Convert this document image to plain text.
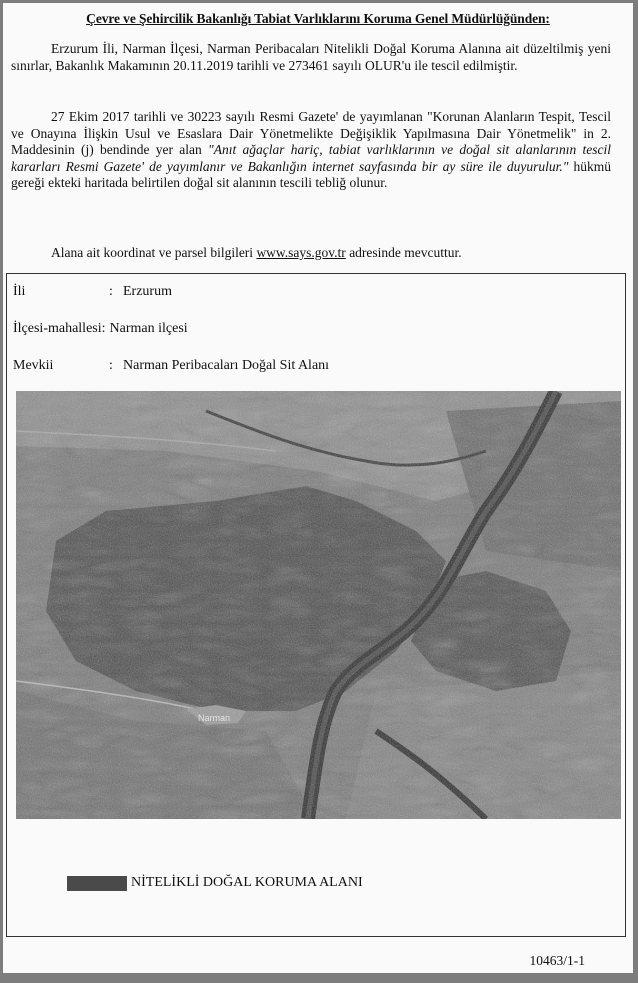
Çevre ve Şehircilik Bakanlığı Tabiat Varlıklarını Koruma Genel Müdürlüğünden:
Erzurum İli, Narman İlçesi, Narman Peribacaları Nitelikli Doğal Koruma Alanına ait düzeltilmiş yeni sınırlar, Bakanlık Makamının 20.11.2019 tarihli ve 273461 sayılı OLUR'u ile tescil edilmiştir.
27 Ekim 2017 tarihli ve 30223 sayılı Resmi Gazete' de yayımlanan "Korunan Alanların Tespit, Tescil ve Onayına İlişkin Usul ve Esaslara Dair Yönetmelikte Değişiklik Yapılmasına Dair Yönetmelik" in 2. Maddesinin (j) bendinde yer alan "Anıt ağaçlar hariç, tabiat varlıklarının ve doğal sit alanlarının tescil kararları Resmi Gazete' de yayımlanır ve Bakanlığın internet sayfasında bir ay süre ile duyurulur." hükmü gereği ekteki haritada belirtilen doğal sit alanının tescili tebliğ olunur.
Alana ait koordinat ve parsel bilgileri www.says.gov.tr adresinde mevcuttur.
İli	: Erzurum
İlçesi-mahallesi: Narman ilçesi
Mevkii	: Narman Peribacaları Doğal Sit Alanı
NİTELİKLİ DOĞAL KORUMA ALANI
10463/1-1
